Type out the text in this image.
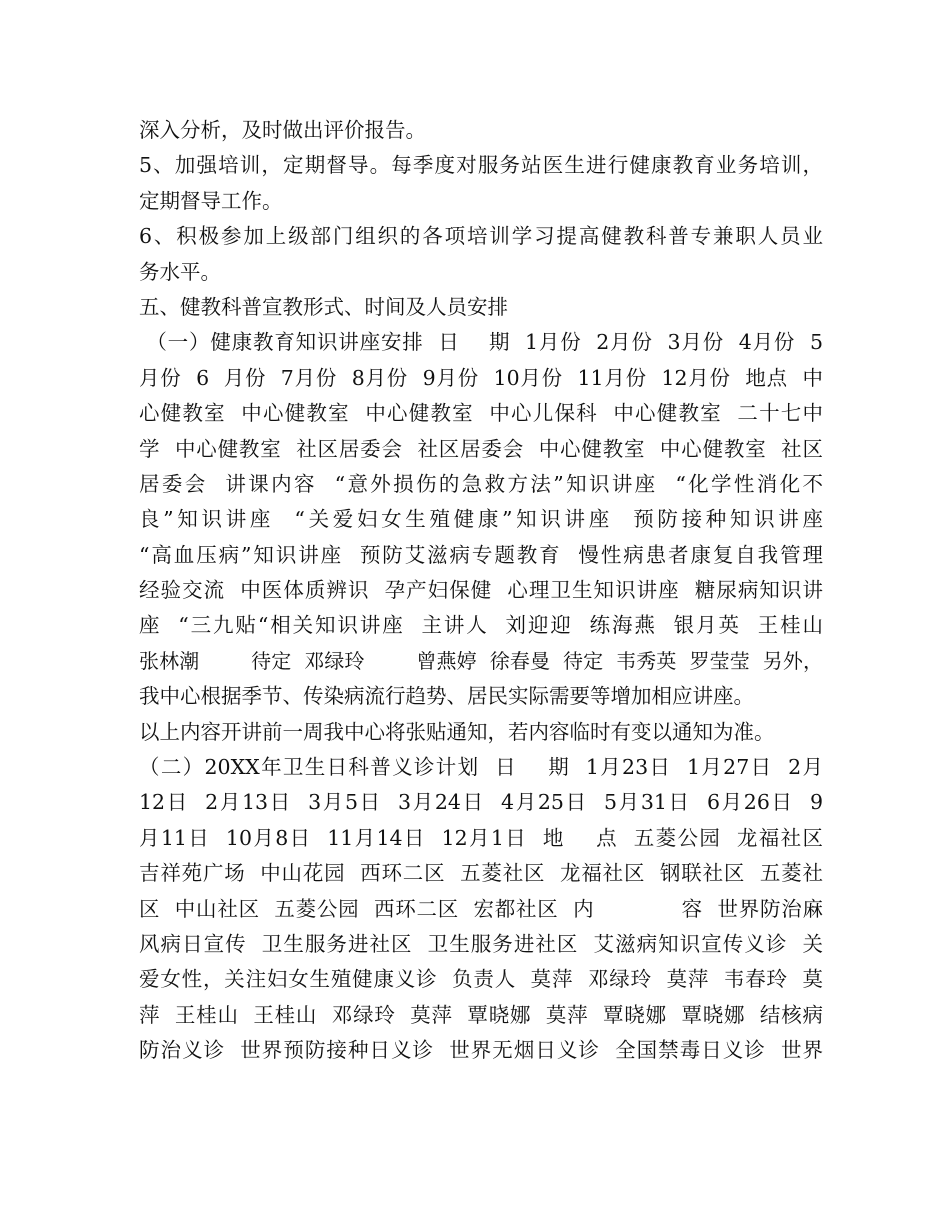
深入分析，及时做出评价报告。
5、加强培训，定期督导。每季度对服务站医生进行健康教育业务培训，
定期督导工作。
6、积极参加上级部门组织的各项培训学习提高健教科普专兼职人员业
务水平。
五、健教科普宣教形式、时间及人员安排
（一）健康教育知识讲座安排  日    期  1月份  2月份  3月份  4月份  5
月份  6  月份  7月份  8月份  9月份  10月份  11月份  12月份  地点  中
心健教室  中心健教室  中心健教室  中心儿保科  中心健教室  二十七中
学  中心健教室  社区居委会  社区居委会  中心健教室  中心健教室  社区
居委会  讲课内容  “意外损伤的急救方法”知识讲座  “化学性消化不
良”知识讲座  “关爱妇女生殖健康”知识讲座  预防接种知识讲座
“高血压病”知识讲座  预防艾滋病专题教育  慢性病患者康复自我管理
经验交流  中医体质辨识  孕产妇保健  心理卫生知识讲座  糖尿病知识讲
座  “三九贴“相关知识讲座  主讲人  刘迎迎  练海燕  银月英  王桂山
张林潮        待定  邓绿玲        曾燕婷  徐春曼  待定  韦秀英  罗莹莹  另外，
我中心根据季节、传染病流行趋势、居民实际需要等增加相应讲座。
以上内容开讲前一周我中心将张贴通知，若内容临时有变以通知为准。
（二）20XX年卫生日科普义诊计划  日    期  1月23日  1月27日  2月
12日  2月13日  3月5日  3月24日  4月25日  5月31日  6月26日  9
月11日  10月8日  11月14日  12月1日  地    点  五菱公园  龙福社区
吉祥苑广场  中山花园  西环二区  五菱社区  龙福社区  钢联社区  五菱社
区  中山社区  五菱公园  西环二区  宏都社区  内            容  世界防治麻
风病日宣传  卫生服务进社区  卫生服务进社区  艾滋病知识宣传义诊  关
爱女性，关注妇女生殖健康义诊  负责人  莫萍  邓绿玲  莫萍  韦春玲  莫
萍  王桂山  王桂山  邓绿玲  莫萍  覃晓娜  莫萍  覃晓娜  覃晓娜  结核病
防治义诊  世界预防接种日义诊  世界无烟日义诊  全国禁毒日义诊  世界
